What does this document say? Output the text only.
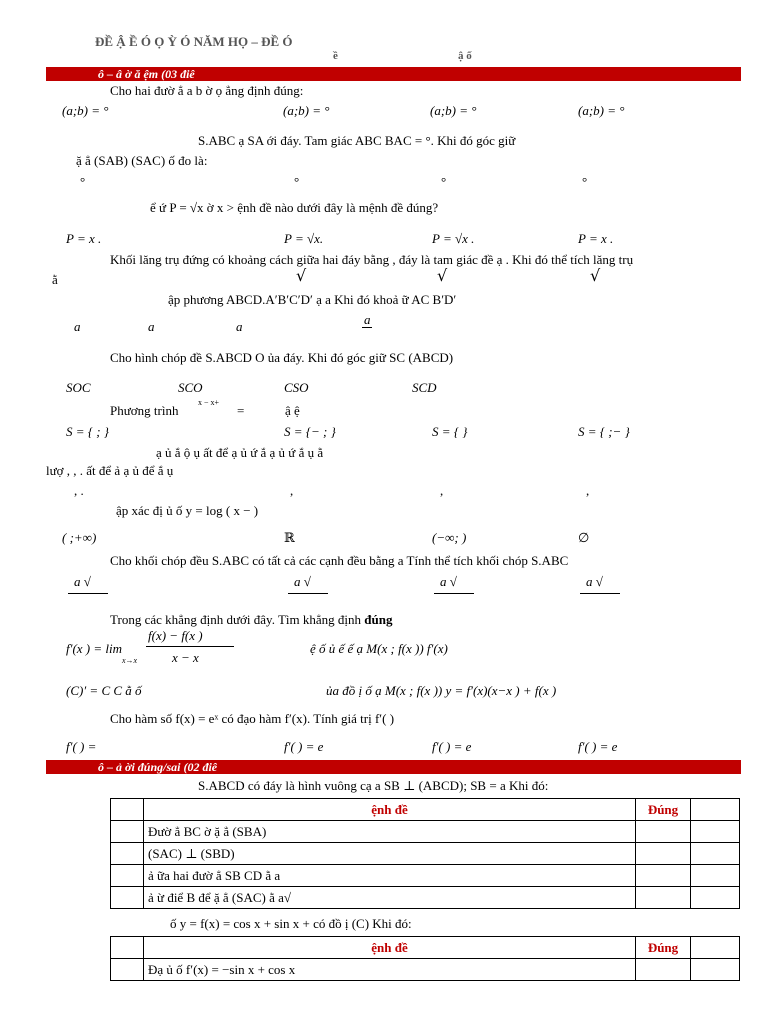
ĐỀ Ậ Ề Ó Ọ Ỳ Ó NĂM HỌ – ĐỀ Ó
ậ ố
ề
ô – â ờ ă ệm (03 điê
Cho hai đườ ẳ a b ờ ọ ẳng định đúng:
(a;b) = °	(a;b) = °	(a;b) = °	(a;b) = °
S.ABC ạ SA ới đáy. Tam giác ABC BAC = °. Khi đó góc giữ
ặ ẳ (SAB) (SAC) ố đo là:
°	°	°	°
ể ứ P = √x ờ x > ệnh đề nào dưới đây là mệnh đề đúng?
P = x .	P = √x.	P = √x .	P = x .
Khối lăng trụ đứng có khoảng cách giữa hai đáy bằng , đáy là tam giác đề ạ . Khi đó thể tích lăng trụ
ằ	√	√	√
ập phương ABCD.A′B′C′D′ ạ a Khi đó khoả ữ AC B′D′
a	a	a	a
Cho hình chóp đề S.ABCD O ủa đáy. Khi đó góc giữ SC (ABCD)
SOC	SCO	CSO	SCD
Phương trình
x − x+
=	ậ ệ
S = { ; }	S = {− ; }	S = { }	S = { ;− }
ạ ủ ắ ộ ụ ất để ạ ủ ứ ắ ạ ủ ứ ắ ụ ằ
lượ , , . ất để ả ạ ủ để ắ ụ
, .	,	,	,
ập xác đị ủ ố y = log ( x − )
( ;+∞)	ℝ	(−∞; )	∅
Cho khối chóp đều S.ABC có tất cả các cạnh đều bằng a Tính thể tích khối chóp S.ABC
a √	a √	a √	a √
Trong các khẳng định dưới đây. Tìm khẳng định đúng
f′(x ) = lim
f(x) − f(x )
x − x
x→x
ệ ố ủ ế ế ạ M(x ; f(x )) f′(x)
(C)′ = C C ằ ố	ủa đồ ị ố ạ M(x ; f(x )) y = f′(x)(x−x ) + f(x )
Cho hàm số f(x) = eˣ có đạo hàm f′(x). Tính giá trị f′( )
f′( ) =	f′( ) = e	f′( ) = e	f′( ) = e
ô – ả ời đúng/sai (02 điê
S.ABCD có đáy là hình vuông cạ a SB ⊥ (ABCD); SB = a Khi đó:
	ệnh đề	Đúng	
	Đườ ẳ BC ờ ặ ẳ (SBA)		
	(SAC) ⊥ (SBD)		
	ả ữa hai đườ ẳ SB CD ằ a		
	ả ừ điể B để ặ ẳ (SAC) ằ a√		
ố y = f(x) = cos x + sin x + có đồ ị (C) Khi đó:
	ệnh đề	Đúng	
	Đạ ủ ố f′(x) = −sin x + cos x		
